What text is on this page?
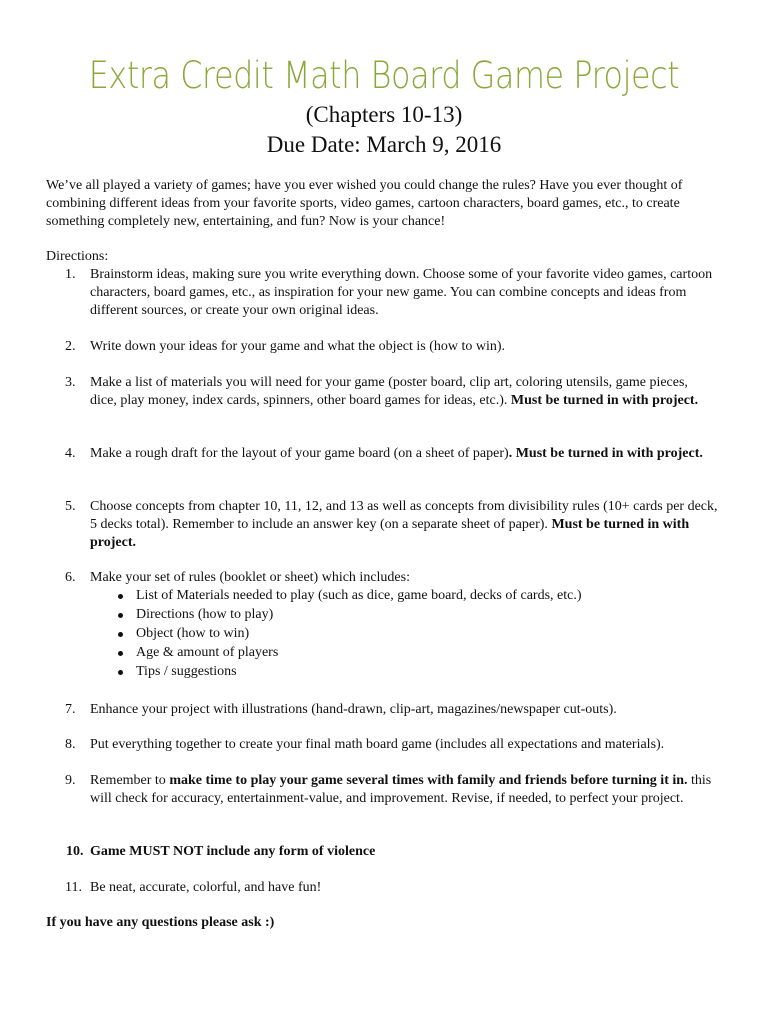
Extra Credit Math Board Game Project
(Chapters 10-13)
Due Date: March 9, 2016
We’ve all played a variety of games; have you ever wished you could change the rules? Have you ever thought of combining different ideas from your favorite sports, video games, cartoon characters, board games, etc., to create something completely new, entertaining, and fun? Now is your chance!
Directions:
1.	Brainstorm ideas, making sure you write everything down. Choose some of your favorite video games, cartoon characters, board games, etc., as inspiration for your new game. You can combine concepts and ideas from different sources, or create your own original ideas.
2.	Write down your ideas for your game and what the object is (how to win).
3.	Make a list of materials you will need for your game (poster board, clip art, coloring utensils, game pieces, dice, play money, index cards, spinners, other board games for ideas, etc.). Must be turned in with project.
4.	Make a rough draft for the layout of your game board (on a sheet of paper). Must be turned in with project.
5.	Choose concepts from chapter 10, 11, 12, and 13 as well as concepts from divisibility rules (10+ cards per deck, 5 decks total). Remember to include an answer key (on a separate sheet of paper). Must be turned in with project.
6.	Make your set of rules (booklet or sheet) which includes:
List of Materials needed to play (such as dice, game board, decks of cards, etc.)
Directions (how to play)
Object (how to win)
Age & amount of players
Tips / suggestions
7.	Enhance your project with illustrations (hand-drawn, clip-art, magazines/newspaper cut-outs).
8.	Put everything together to create your final math board game (includes all expectations and materials).
9.	Remember to make time to play your game several times with family and friends before turning it in. this will check for accuracy, entertainment-value, and improvement. Revise, if needed, to perfect your project.
10. Game MUST NOT include any form of violence
11. Be neat, accurate, colorful, and have fun!
If you have any questions please ask :)
